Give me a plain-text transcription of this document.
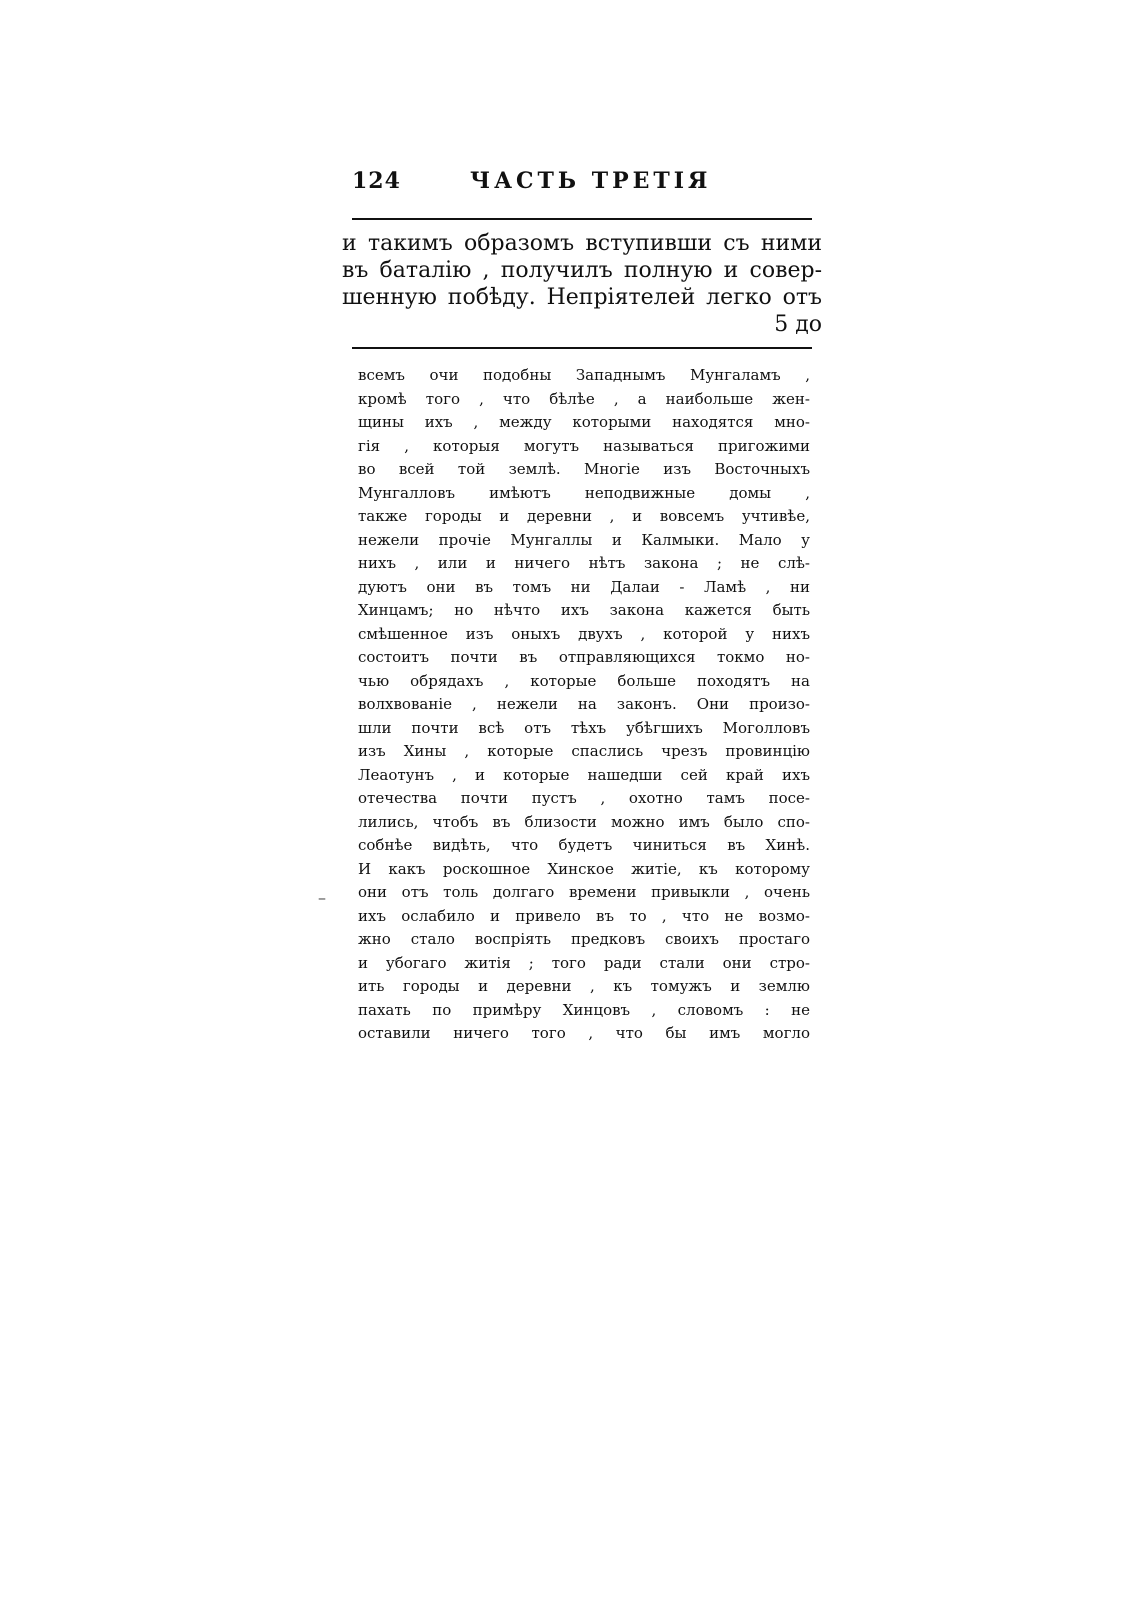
124	ЧАСТЬ ТРЕТІЯ
и такимъ образомъ вступивши съ ними
въ баталію , получилъ полную и совер-
шенную побѣду. Непріятелей легко отъ
5 до
всемъ очи подобны Западнымъ Мунгаламъ ,
кромѣ того , что бѣлѣе , а наибольше жен-
щины ихъ , между которыми находятся мно-
гія , которыя могутъ называться пригожими
во всей той землѣ. Многіе изъ Восточныхъ
Мунгалловъ имѣютъ неподвижные домы ,
также городы и деревни , и вовсемъ учтивѣе,
нежели прочіе Мунгаллы и Калмыки. Мало у
нихъ , или и ничего нѣтъ закона ; не слѣ-
дуютъ они въ томъ ни Далаи - Ламѣ , ни
Хинцамъ; но нѣчто ихъ закона кажется быть
смѣшенное изъ оныхъ двухъ , которой у нихъ
состоитъ почти въ отправляющихся токмо но-
чью обрядахъ , которые больше походятъ на
волхвованіе , нежели на законъ. Они произо-
шли почти всѣ отъ тѣхъ убѣгшихъ Моголловъ
изъ Хины , которые спаслись чрезъ провинцію
Леаотунъ , и которые нашедши сей край ихъ
отечества почти пустъ , охотно тамъ посе-
лились, чтобъ въ близости можно имъ было спо-
собнѣе видѣть, что будетъ чиниться въ Хинѣ.
И какъ роскошное Хинское житіе, къ которому
они отъ толь долгаго времени привыкли , очень
ихъ ослабило и привело въ то , что не возмо-
жно стало воспріять предковъ своихъ простаго
и убогаго житія ; того ради стали они стро-
ить городы и деревни , къ томужъ и землю
пахать по примѣру Хинцовъ , словомъ : не
оставили ничего того , что бы имъ могло
–
